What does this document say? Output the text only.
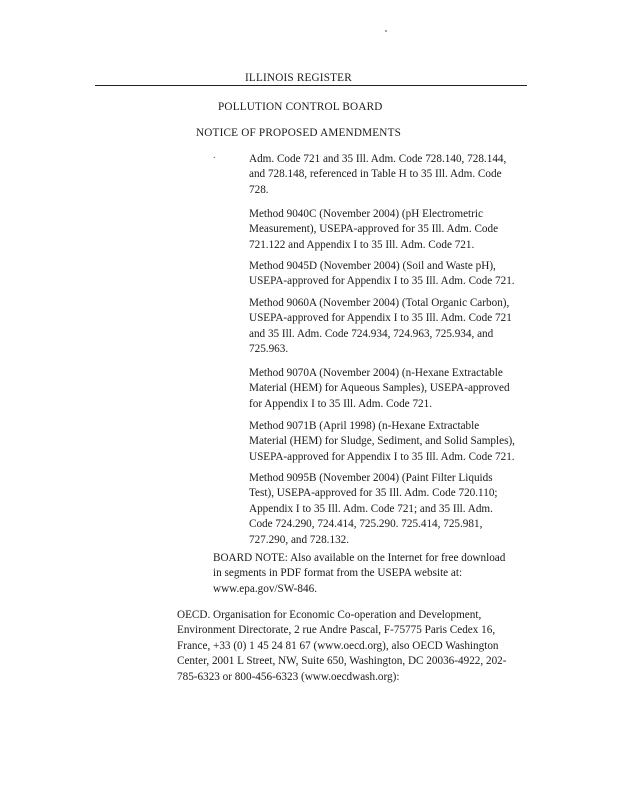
ILLINOIS REGISTER
POLLUTION CONTROL BOARD
NOTICE OF PROPOSED AMENDMENTS
.	Adm. Code 721 and 35 Ill. Adm. Code 728.140, 728.144,
and 728.148, referenced in Table H to 35 Ill. Adm. Code
728.
Method 9040C (November 2004) (pH Electrometric
Measurement), USEPA-approved for 35 Ill. Adm. Code
721.122 and Appendix I to 35 Ill. Adm. Code 721.
Method 9045D (November 2004) (Soil and Waste pH),
USEPA-approved for Appendix I to 35 Ill. Adm. Code 721.
Method 9060A (November 2004) (Total Organic Carbon),
USEPA-approved for Appendix I to 35 Ill. Adm. Code 721
and 35 Ill. Adm. Code 724.934, 724.963, 725.934, and
725.963.
Method 9070A (November 2004) (n-Hexane Extractable
Material (HEM) for Aqueous Samples), USEPA-approved
for Appendix I to 35 Ill. Adm. Code 721.
Method 9071B (April 1998) (n-Hexane Extractable
Material (HEM) for Sludge, Sediment, and Solid Samples),
USEPA-approved for Appendix I to 35 Ill. Adm. Code 721.
Method 9095B (November 2004) (Paint Filter Liquids
Test), USEPA-approved for 35 Ill. Adm. Code 720.110;
Appendix I to 35 Ill. Adm. Code 721; and 35 Ill. Adm.
Code 724.290, 724.414, 725.290. 725.414, 725.981,
727.290, and 728.132.
BOARD NOTE: Also available on the Internet for free download
in segments in PDF format from the USEPA website at:
www.epa.gov/SW-846.
OECD. Organisation for Economic Co-operation and Development,
Environment Directorate, 2 rue Andre Pascal, F-75775 Paris Cedex 16,
France, +33 (0) 1 45 24 81 67 (www.oecd.org), also OECD Washington
Center, 2001 L Street, NW, Suite 650, Washington, DC 20036-4922, 202-
785-6323 or 800-456-6323 (www.oecdwash.org):
